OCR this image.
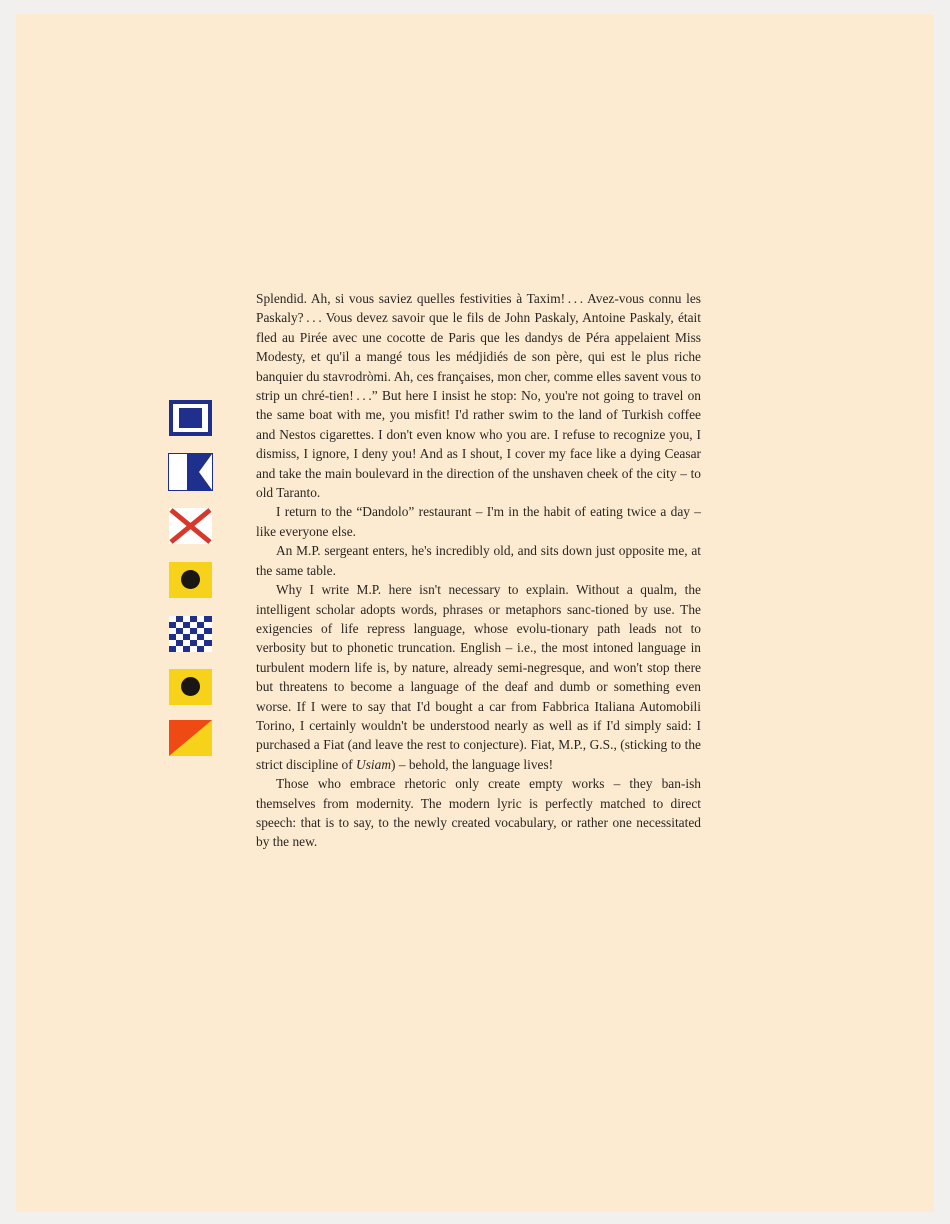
Splendid. Ah, si vous saviez quelles festivities à Taxim! . . . Avez-vous connu les Paskaly? . . . Vous devez savoir que le fils de John Paskaly, Antoine Paskaly, était fled au Pirée avec une cocotte de Paris que les dandys de Péra appelaient Miss Modesty, et qu'il a mangé tous les médjidiés de son père, qui est le plus riche banquier du stavrodròmi. Ah, ces françaises, mon cher, comme elles savent vous to strip un chré-tien! . . .” But here I insist he stop: No, you're not going to travel on the same boat with me, you misfit! I'd rather swim to the land of Turkish coffee and Nestos cigarettes. I don't even know who you are. I refuse to recognize you, I dismiss, I ignore, I deny you! And as I shout, I cover my face like a dying Ceasar and take the main boulevard in the direction of the unshaven cheek of the city – to old Taranto.

I return to the “Dandolo” restaurant – I'm in the habit of eating twice a day – like everyone else.

An M.P. sergeant enters, he's incredibly old, and sits down just opposite me, at the same table.

Why I write M.P. here isn't necessary to explain. Without a qualm, the intelligent scholar adopts words, phrases or metaphors sanc-tioned by use. The exigencies of life repress language, whose evolu-tionary path leads not to verbosity but to phonetic truncation. English – i.e., the most intoned language in turbulent modern life is, by nature, already semi-negresque, and won't stop there but threatens to become a language of the deaf and dumb or something even worse. If I were to say that I'd bought a car from Fabbrica Italiana Automobili Torino, I certainly wouldn't be understood nearly as well as if I'd simply said: I purchased a Fiat (and leave the rest to conjecture). Fiat, M.P., G.S., (sticking to the strict discipline of Usiam) – behold, the language lives!

Those who embrace rhetoric only create empty works – they ban-ish themselves from modernity. The modern lyric is perfectly matched to direct speech: that is to say, to the newly created vocabulary, or rather one necessitated by the new.
